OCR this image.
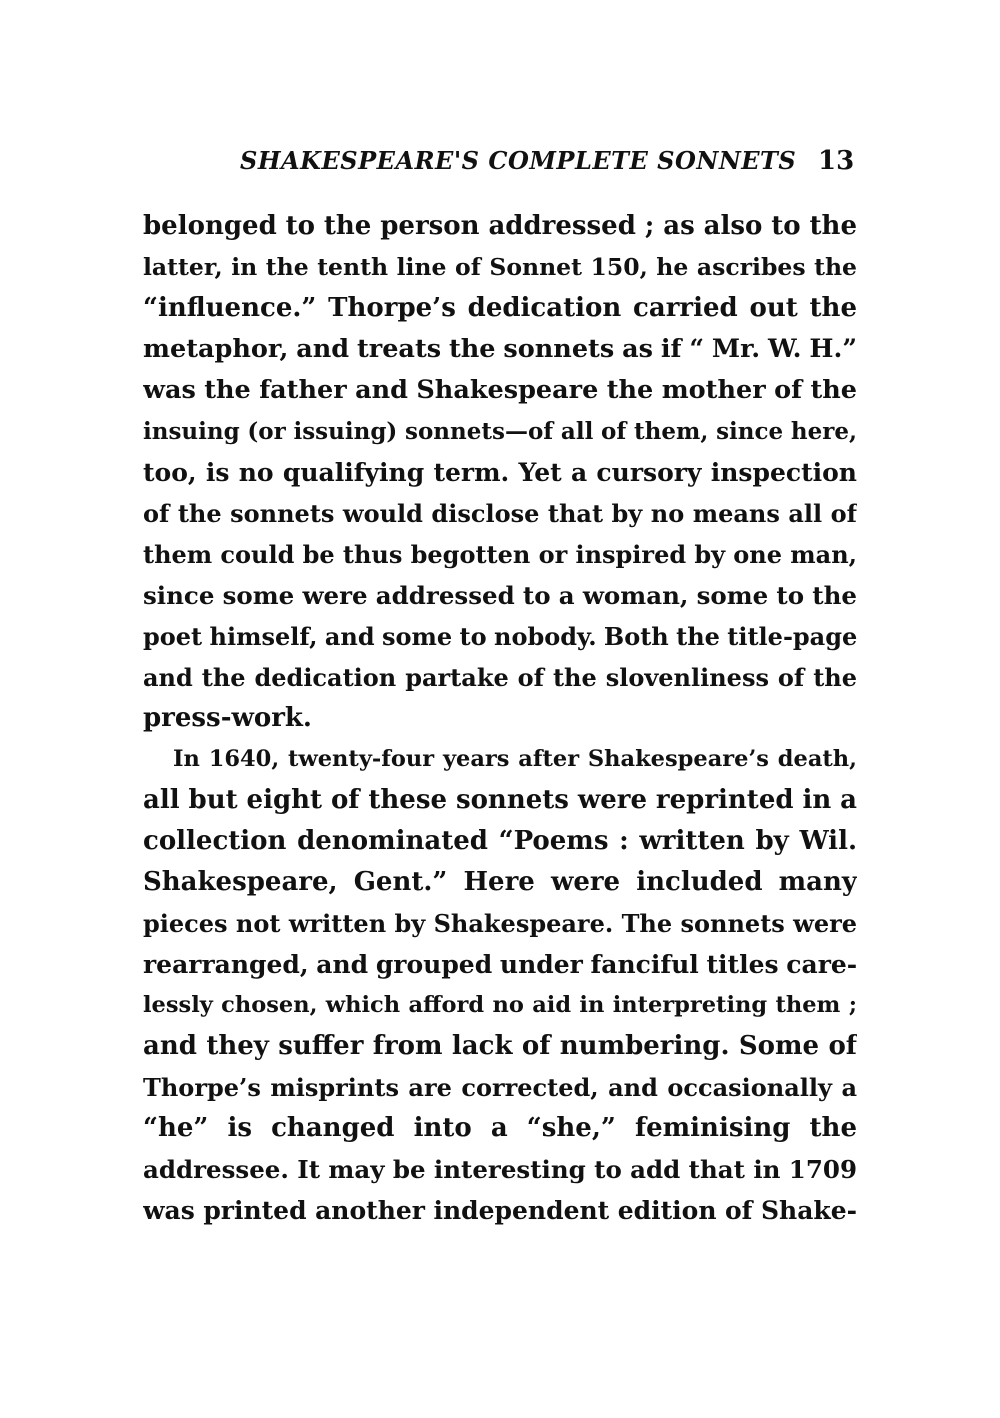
SHAKESPEARE'S COMPLETE SONNETS 13
belonged to the person addressed ; as also to the
latter, in the tenth line of Sonnet 150, he ascribes the
“influence.” Thorpe’s dedication carried out the
metaphor, and treats the sonnets as if “ Mr. W. H.”
was the father and Shakespeare the mother of the
insuing (or issuing) sonnets—of all of them, since here,
too, is no qualifying term. Yet a cursory inspection
of the sonnets would disclose that by no means all of
them could be thus begotten or inspired by one man,
since some were addressed to a woman, some to the
poet himself, and some to nobody. Both the title-page
and the dedication partake of the slovenliness of the
press-work.
In 1640, twenty-four years after Shakespeare’s death,
all but eight of these sonnets were reprinted in a
collection denominated “Poems : written by Wil.
Shakespeare, Gent.” Here were included many
pieces not written by Shakespeare. The sonnets were
rearranged, and grouped under fanciful titles care-
lessly chosen, which afford no aid in interpreting them ;
and they suffer from lack of numbering. Some of
Thorpe’s misprints are corrected, and occasionally a
“he” is changed into a “she,” feminising the
addressee. It may be interesting to add that in 1709
was printed another independent edition of Shake-
